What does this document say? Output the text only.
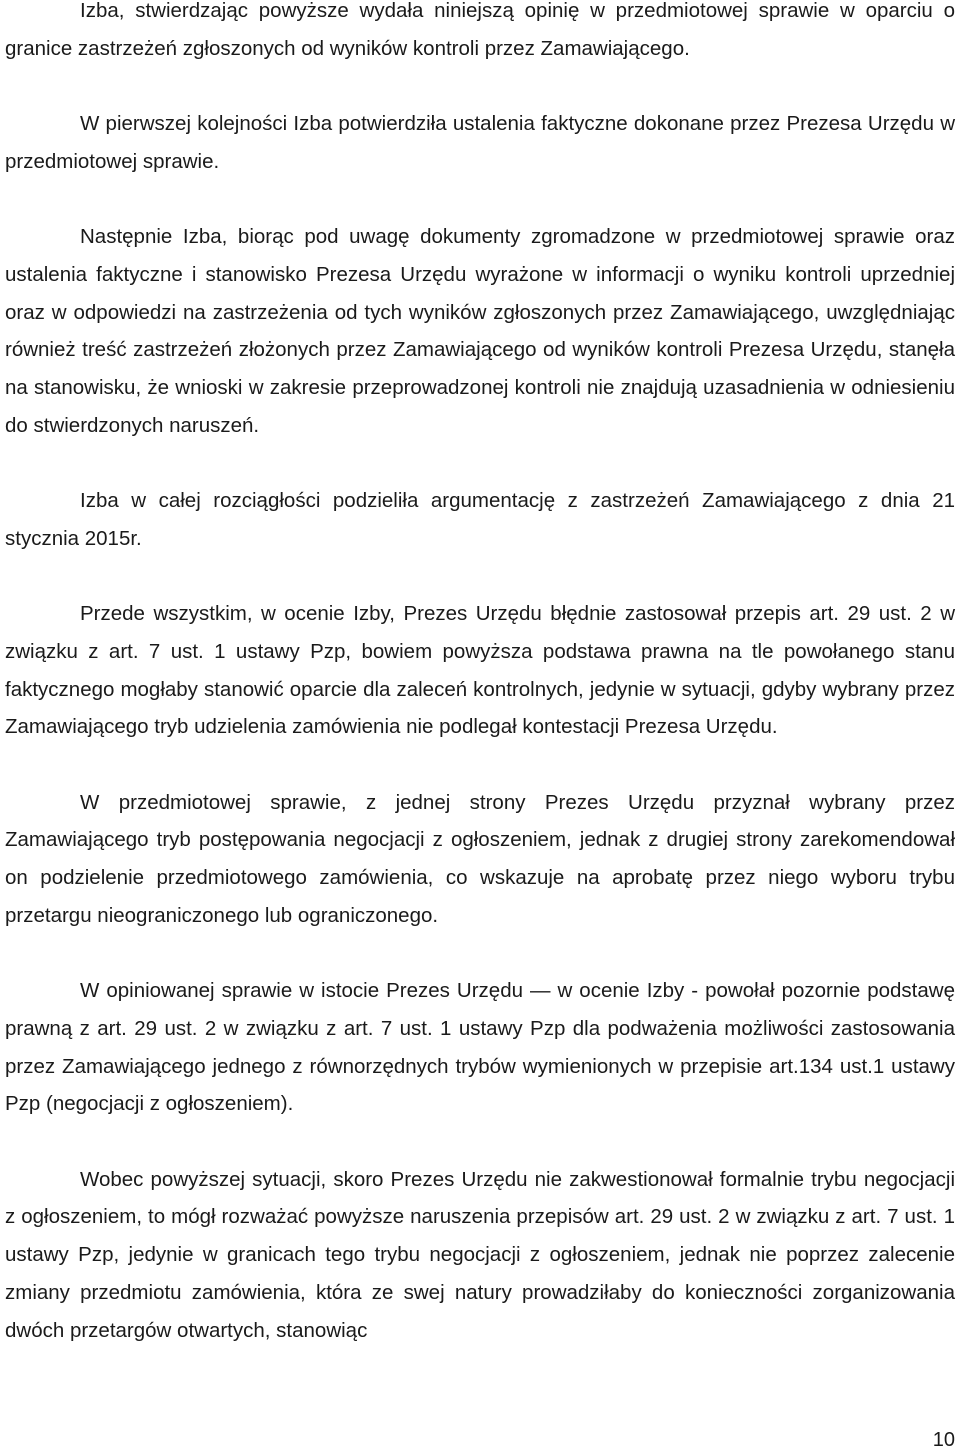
Izba, stwierdzając powyższe wydała niniejszą opinię w przedmiotowej sprawie w oparciu o granice zastrzeżeń zgłoszonych od wyników kontroli przez Zamawiającego.

W pierwszej kolejności Izba potwierdziła ustalenia faktyczne dokonane przez Prezesa Urzędu w przedmiotowej sprawie.

Następnie Izba, biorąc pod uwagę dokumenty zgromadzone w przedmiotowej sprawie oraz ustalenia faktyczne i stanowisko Prezesa Urzędu wyrażone w informacji o wyniku kontroli uprzedniej oraz w odpowiedzi na zastrzeżenia od tych wyników zgłoszonych przez Zamawiającego, uwzględniając również treść zastrzeżeń złożonych przez Zamawiającego od wyników kontroli Prezesa Urzędu, stanęła na stanowisku, że wnioski w zakresie przeprowadzonej kontroli nie znajdują uzasadnienia w odniesieniu do stwierdzonych naruszeń.

Izba w całej rozciągłości podzieliła argumentację z zastrzeżeń Zamawiającego z dnia 21 stycznia 2015r.

Przede wszystkim, w ocenie Izby, Prezes Urzędu błędnie zastosował przepis art. 29 ust. 2 w związku z art. 7 ust. 1 ustawy Pzp, bowiem powyższa podstawa prawna na tle powołanego stanu faktycznego mogłaby stanowić oparcie dla zaleceń kontrolnych, jedynie w sytuacji, gdyby wybrany przez Zamawiającego tryb udzielenia zamówienia nie podlegał kontestacji Prezesa Urzędu.

W przedmiotowej sprawie, z jednej strony Prezes Urzędu przyznał wybrany przez Zamawiającego tryb postępowania negocjacji z ogłoszeniem, jednak z drugiej strony zarekomendował on podzielenie przedmiotowego zamówienia, co wskazuje na aprobatę przez niego wyboru trybu przetargu nieograniczonego lub ograniczonego.

W opiniowanej sprawie w istocie Prezes Urzędu — w ocenie Izby - powołał pozornie podstawę prawną z art. 29 ust. 2 w związku z art. 7 ust. 1 ustawy Pzp dla podważenia możliwości zastosowania przez Zamawiającego jednego z równorzędnych trybów wymienionych w przepisie art.134 ust.1 ustawy Pzp (negocjacji z ogłoszeniem).

Wobec powyższej sytuacji, skoro Prezes Urzędu nie zakwestionował formalnie trybu negocjacji z ogłoszeniem, to mógł rozważać powyższe naruszenia przepisów art. 29 ust. 2 w związku z art. 7 ust. 1 ustawy Pzp, jedynie w granicach tego trybu negocjacji z ogłoszeniem, jednak nie poprzez zalecenie zmiany przedmiotu zamówienia, która ze swej natury prowadziłaby do konieczności zorganizowania dwóch przetargów otwartych, stanowiąc

10
